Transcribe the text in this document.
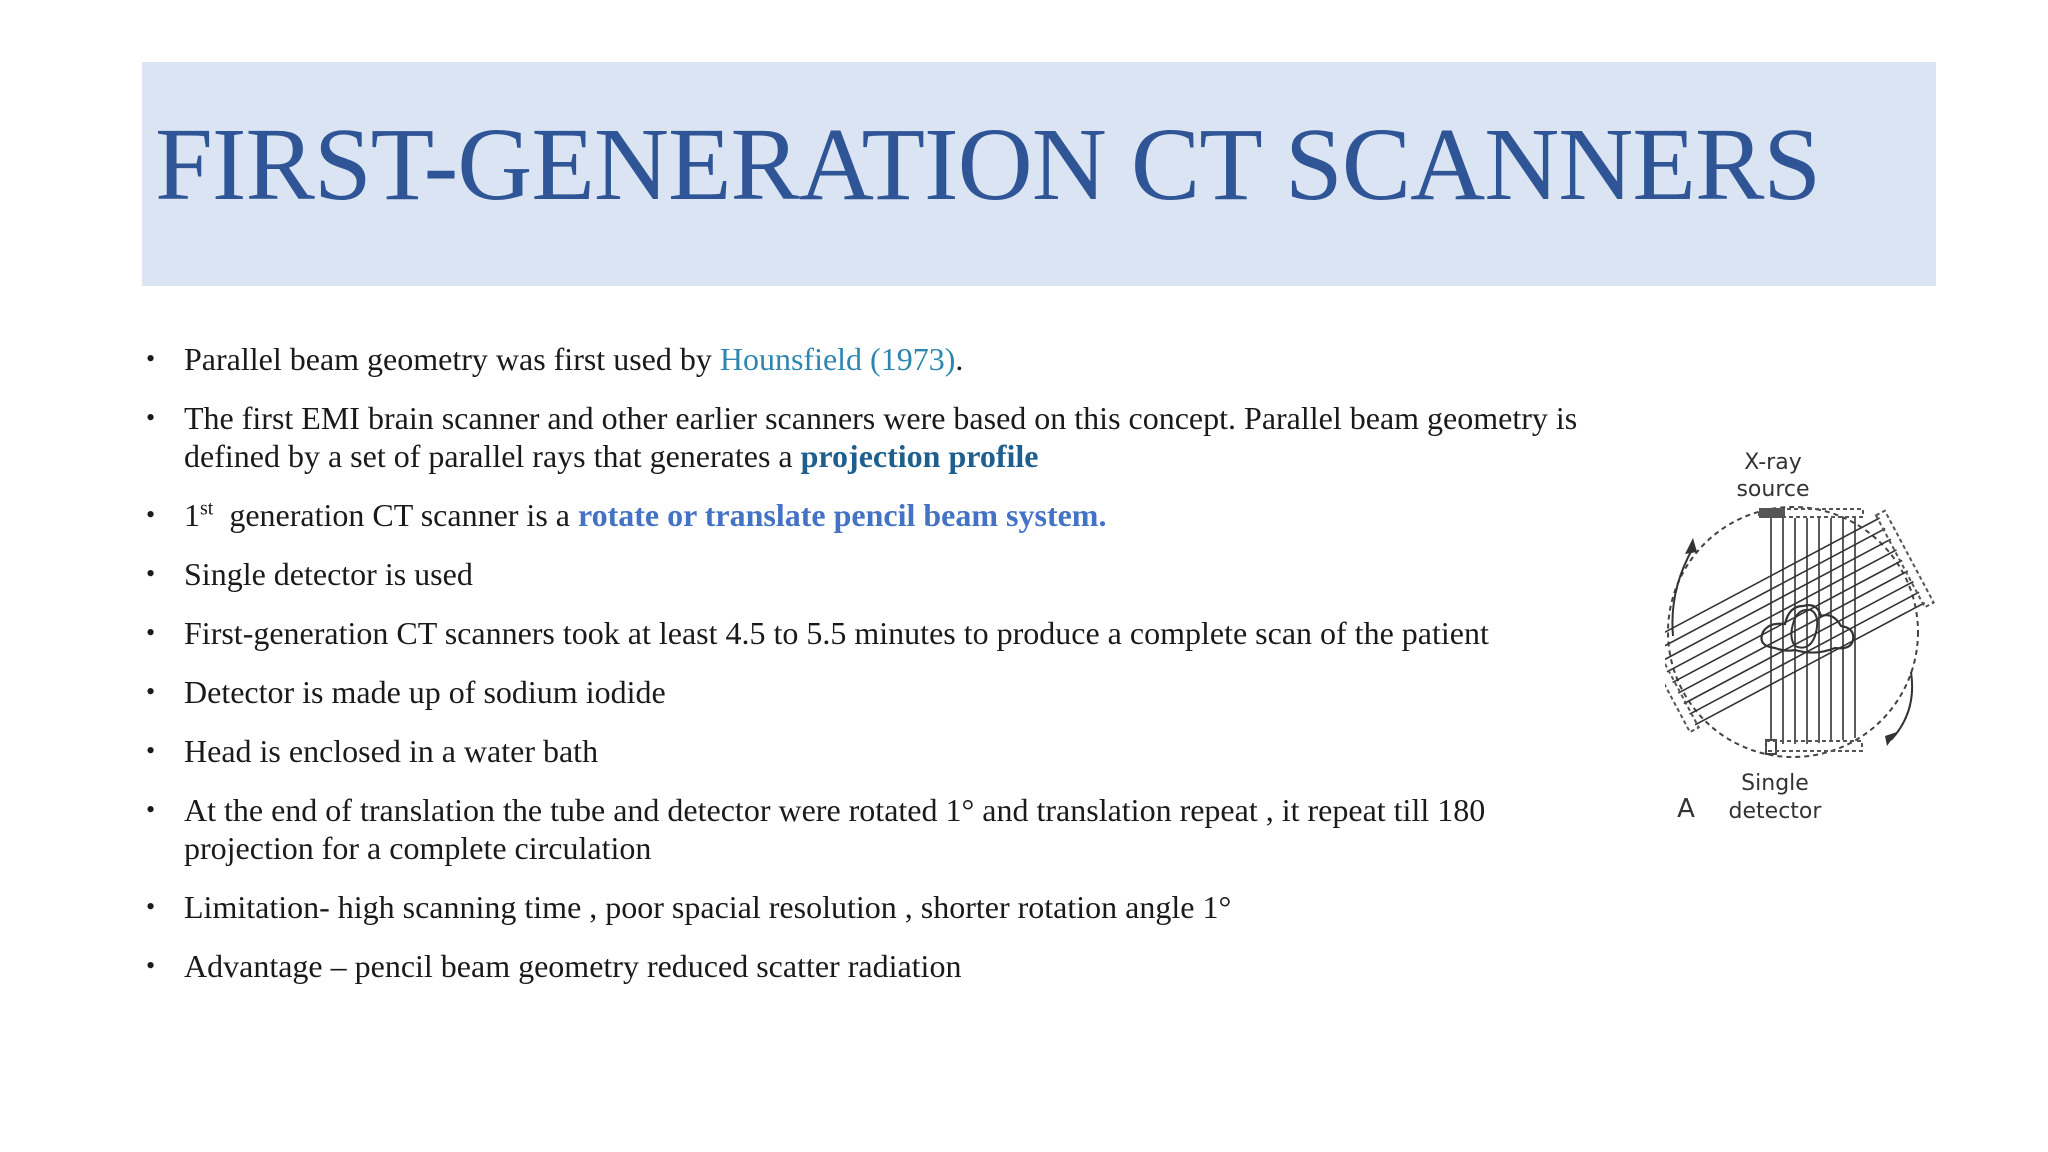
FIRST-GENERATION CT SCANNERS
• Parallel beam geometry was first used by Hounsfield (1973).
• The first EMI brain scanner and other earlier scanners were based on this concept. Parallel beam geometry is defined by a set of parallel rays that generates a projection profile
• 1st  generation CT scanner is a rotate or translate pencil beam system.
• Single detector is used
• First-generation CT scanners took at least 4.5 to 5.5 minutes to produce a complete scan of the patient
• Detector is made up of sodium iodide
• Head is enclosed in a water bath
• At the end of translation the tube and detector were rotated 1° and translation repeat , it repeat till 180 projection for a complete circulation
• Limitation- high scanning time , poor spacial resolution , shorter rotation angle 1°
• Advantage – pencil beam geometry reduced scatter radiation
X-ray
source
Single
detector
A
